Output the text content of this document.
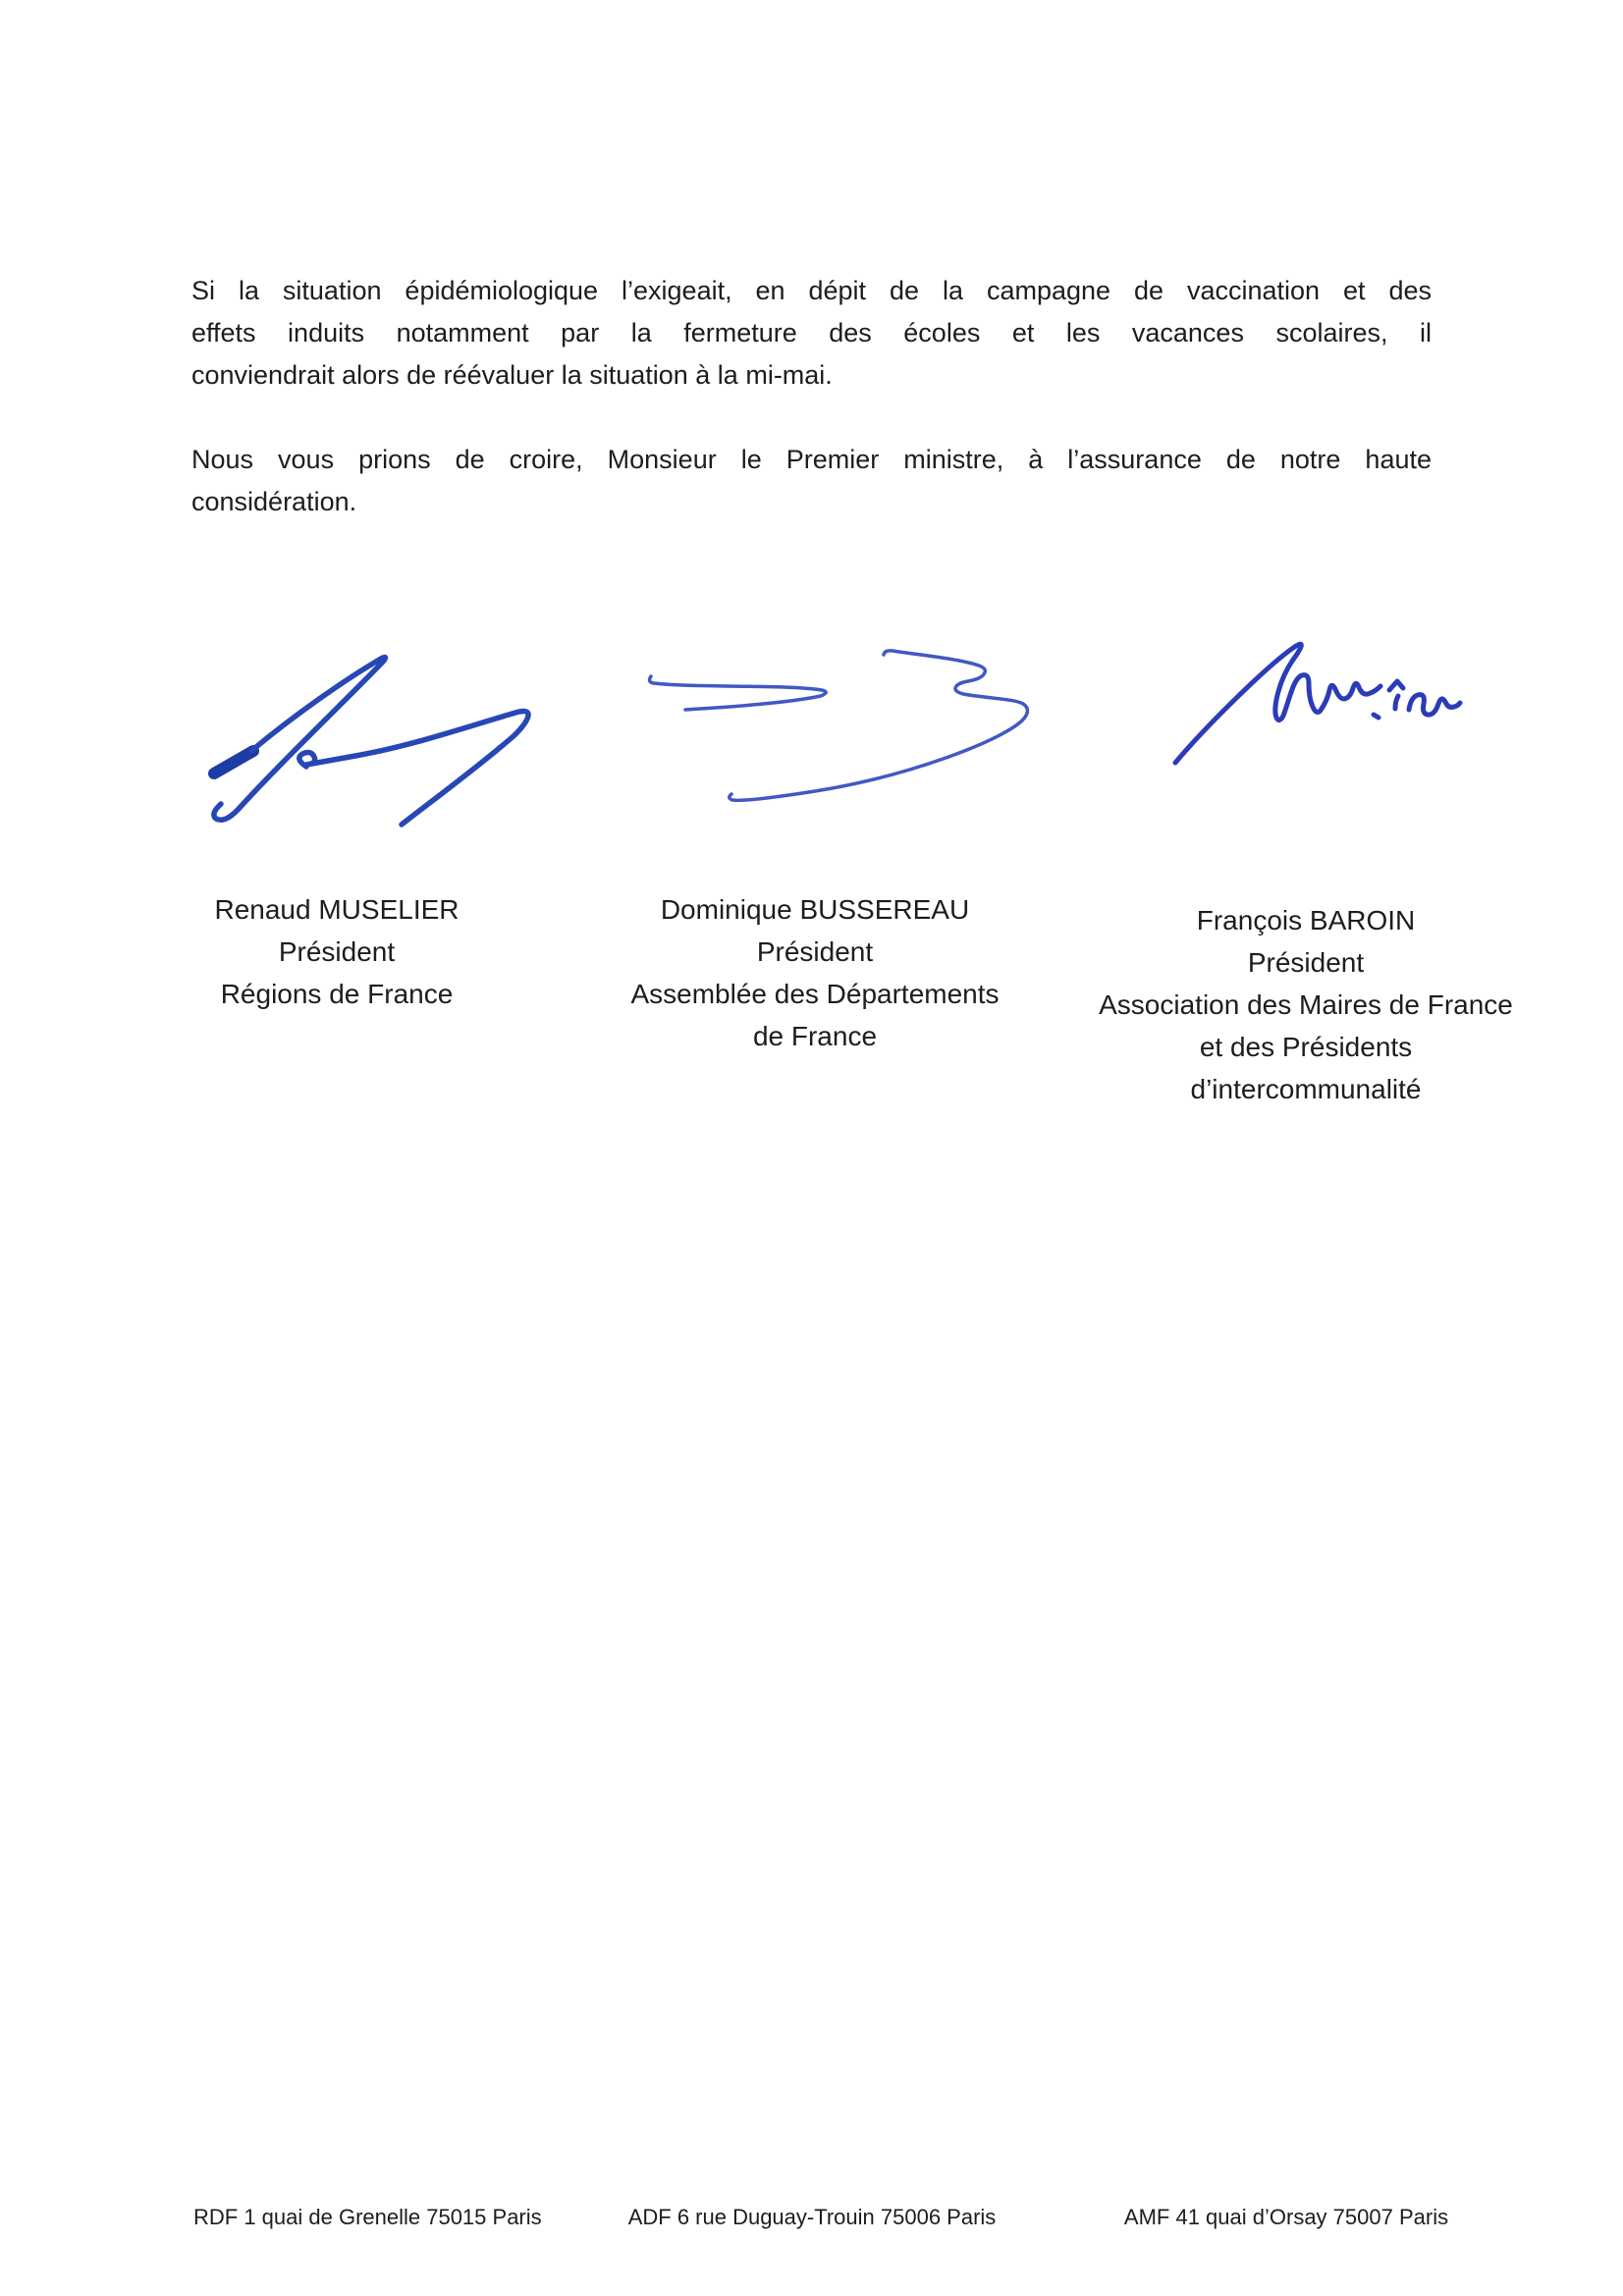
Si la situation épidémiologique l’exigeait, en dépit de la campagne de vaccination et des
effets induits notamment par la fermeture des écoles et les vacances scolaires, il
conviendrait alors de réévaluer la situation à la mi-mai.
Nous vous prions de croire, Monsieur le Premier ministre, à l’assurance de notre haute
considération.
Renaud MUSELIER
Président
Régions de France
Dominique BUSSEREAU
Président
Assemblée des Départements
de France
François BAROIN
Président
Association des Maires de France
et des Présidents
d’intercommunalité
RDF 1 quai de Grenelle 75015 Paris	ADF 6 rue Duguay-Trouin 75006 Paris	AMF 41 quai d’Orsay 75007 Paris
